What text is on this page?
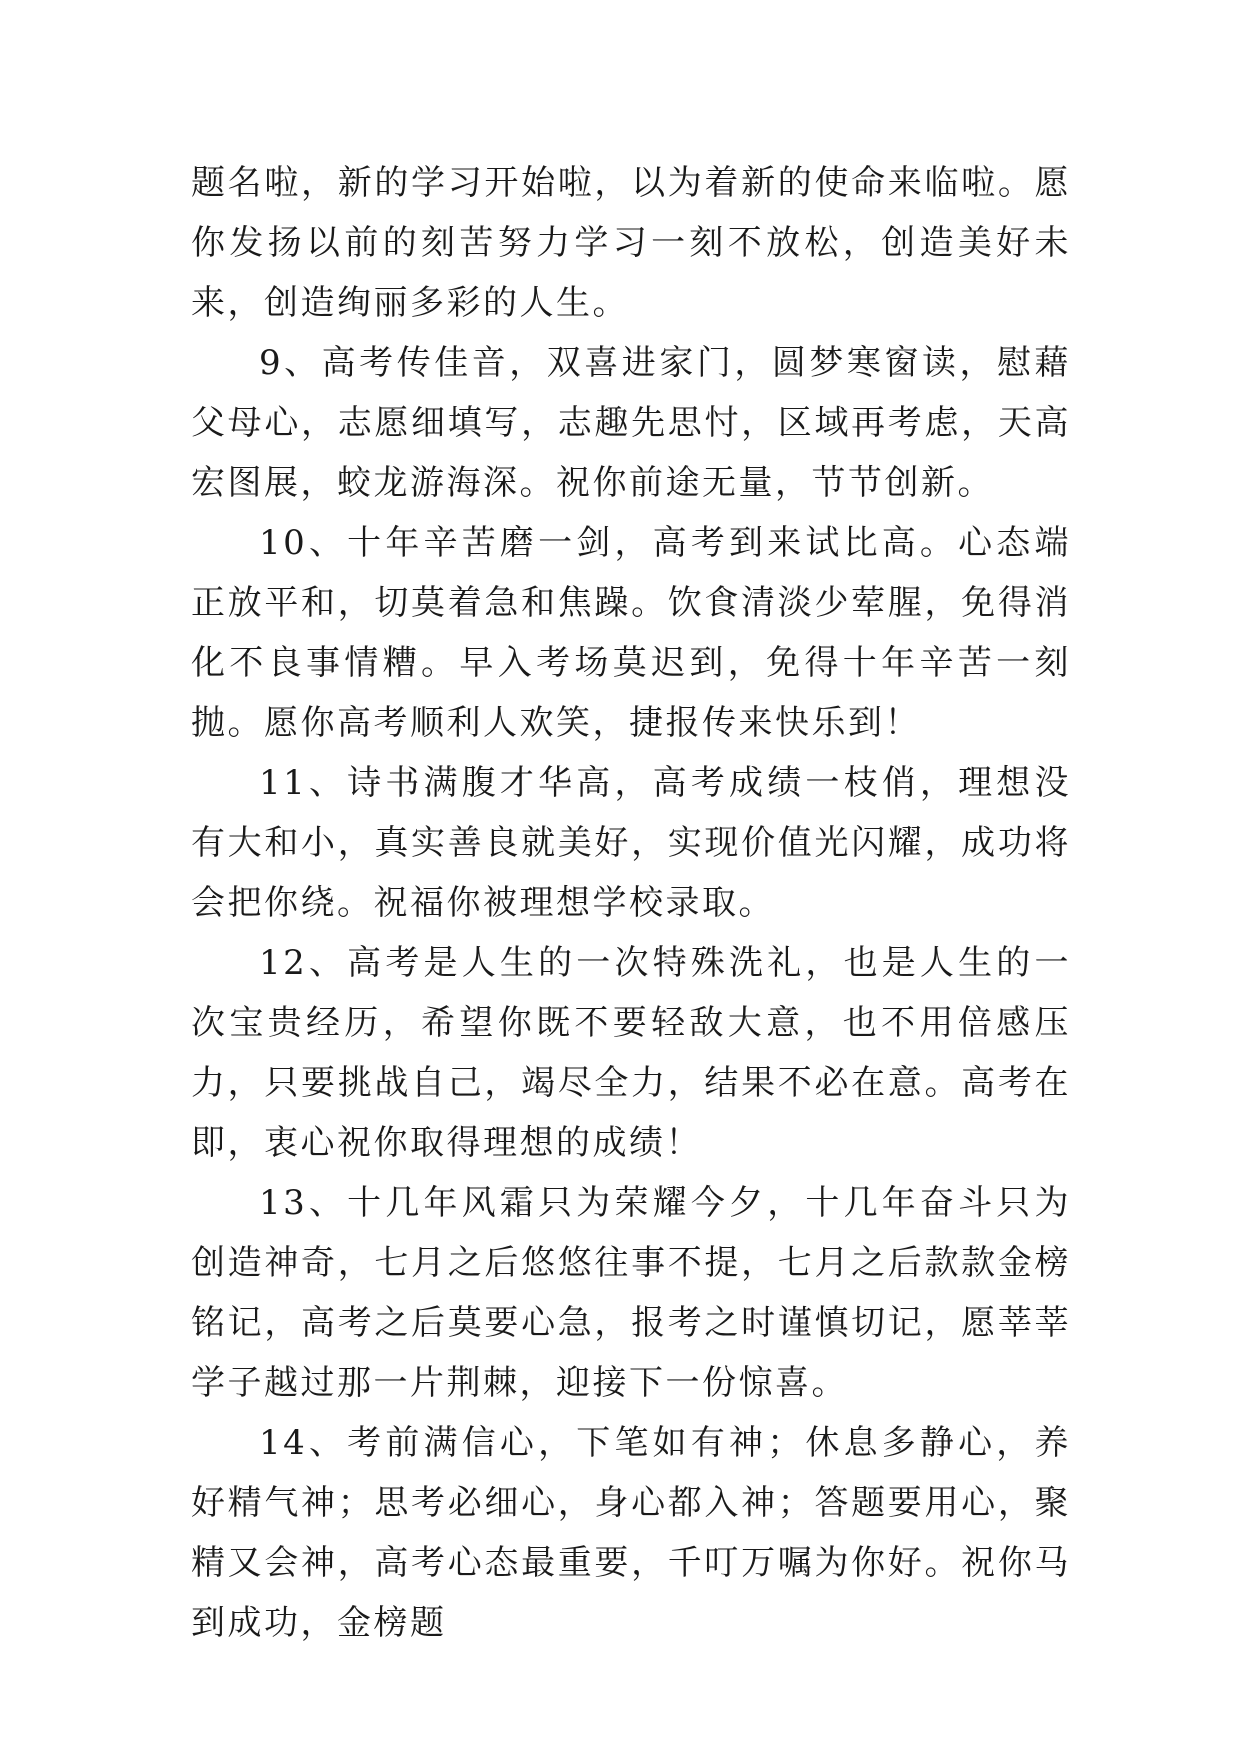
题名啦，新的学习开始啦，以为着新的使命来临啦。愿你发扬以前的刻苦努力学习一刻不放松，创造美好未来，创造绚丽多彩的人生。

9、高考传佳音，双喜进家门，圆梦寒窗读，慰藉父母心，志愿细填写，志趣先思忖，区域再考虑，天高宏图展，蛟龙游海深。祝你前途无量，节节创新。

10、十年辛苦磨一剑，高考到来试比高。心态端正放平和，切莫着急和焦躁。饮食清淡少荤腥，免得消化不良事情糟。早入考场莫迟到，免得十年辛苦一刻抛。愿你高考顺利人欢笑，捷报传来快乐到！

11、诗书满腹才华高，高考成绩一枝俏，理想没有大和小，真实善良就美好，实现价值光闪耀，成功将会把你绕。祝福你被理想学校录取。

12、高考是人生的一次特殊洗礼，也是人生的一次宝贵经历，希望你既不要轻敌大意，也不用倍感压力，只要挑战自己，竭尽全力，结果不必在意。高考在即，衷心祝你取得理想的成绩！

13、十几年风霜只为荣耀今夕，十几年奋斗只为创造神奇，七月之后悠悠往事不提，七月之后款款金榜铭记，高考之后莫要心急，报考之时谨慎切记，愿莘莘学子越过那一片荆棘，迎接下一份惊喜。

14、考前满信心，下笔如有神；休息多静心，养好精气神；思考必细心，身心都入神；答题要用心，聚精又会神，高考心态最重要，千叮万嘱为你好。祝你马到成功，金榜题
